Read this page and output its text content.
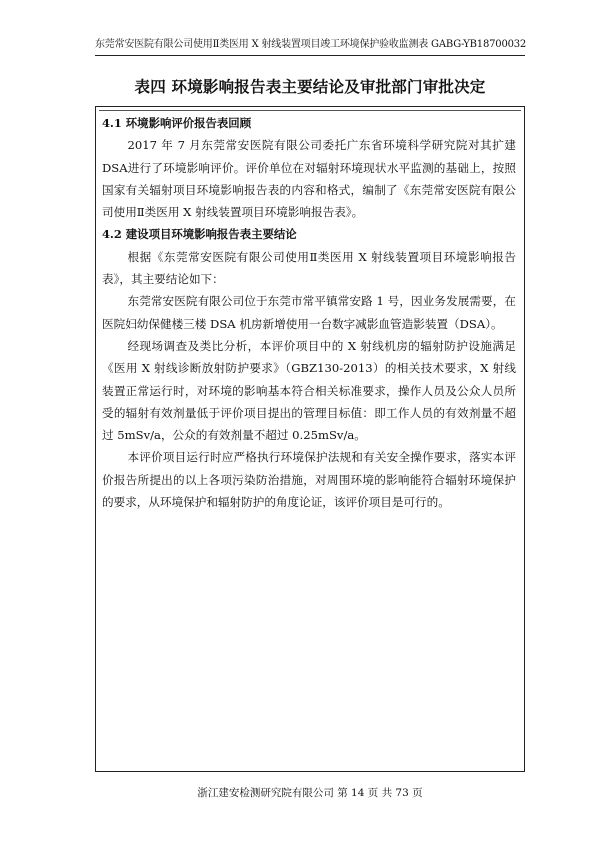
东莞常安医院有限公司使用Ⅱ类医用 X 射线装置项目竣工环境保护验收监测表 GABG-YB18700032
表四 环境影响报告表主要结论及审批部门审批决定

4.1 环境影响评价报告表回顾

2017 年 7 月东莞常安医院有限公司委托广东省环境科学研究院对其扩建DSA进行了环境影响评价。评价单位在对辐射环境现状水平监测的基础上，按照国家有关辐射项目环境影响报告表的内容和格式，编制了《东莞常安医院有限公司使用Ⅱ类医用 X 射线装置项目环境影响报告表》。

4.2 建设项目环境影响报告表主要结论

根据《东莞常安医院有限公司使用Ⅱ类医用 X 射线装置项目环境影响报告表》，其主要结论如下：

东莞常安医院有限公司位于东莞市常平镇常安路 1 号，因业务发展需要，在医院妇幼保健楼三楼 DSA 机房新增使用一台数字减影血管造影装置（DSA）。

经现场调查及类比分析，本评价项目中的 X 射线机房的辐射防护设施满足《医用 X 射线诊断放射防护要求》（GBZ130-2013）的相关技术要求，X 射线装置正常运行时，对环境的影响基本符合相关标准要求，操作人员及公众人员所受的辐射有效剂量低于评价项目提出的管理目标值：即工作人员的有效剂量不超过 5mSv/a，公众的有效剂量不超过 0.25mSv/a。

本评价项目运行时应严格执行环境保护法规和有关安全操作要求，落实本评价报告所提出的以上各项污染防治措施，对周围环境的影响能符合辐射环境保护的要求，从环境保护和辐射防护的角度论证，该评价项目是可行的。

浙江建安检测研究院有限公司 第 14 页 共 73 页
